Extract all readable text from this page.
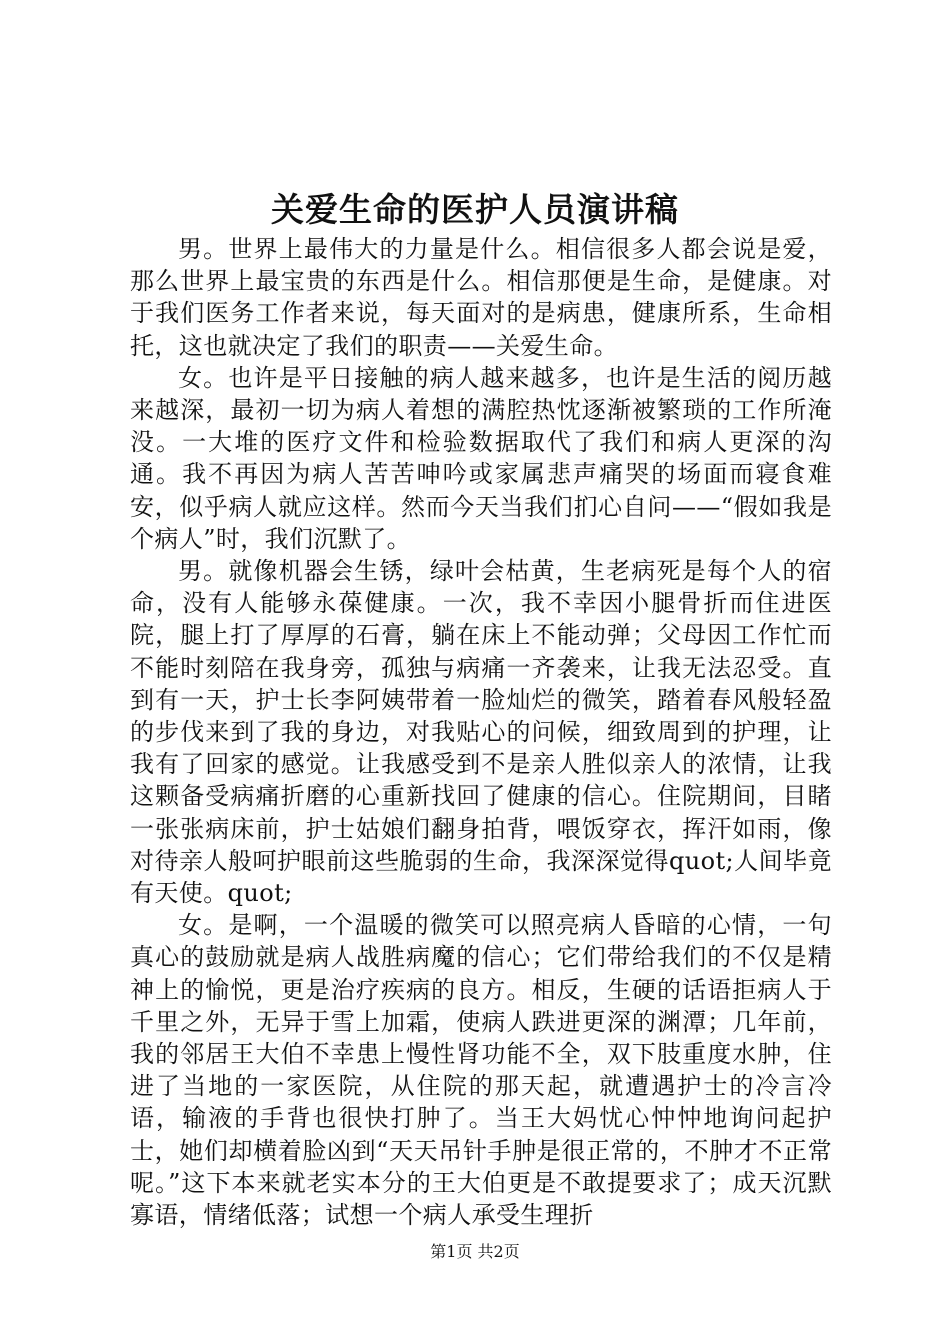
关爱生命的医护人员演讲稿

男。世界上最伟大的力量是什么。相信很多人都会说是爱，那么世界上最宝贵的东西是什么。相信那便是生命，是健康。对于我们医务工作者来说，每天面对的是病患，健康所系，生命相托，这也就决定了我们的职责——关爱生命。

女。也许是平日接触的病人越来越多，也许是生活的阅历越来越深，最初一切为病人着想的满腔热忱逐渐被繁琐的工作所淹没。一大堆的医疗文件和检验数据取代了我们和病人更深的沟通。我不再因为病人苦苦呻吟或家属悲声痛哭的场面而寝食难安，似乎病人就应这样。然而今天当我们扪心自问——“假如我是个病人”时，我们沉默了。

男。就像机器会生锈，绿叶会枯黄，生老病死是每个人的宿命，没有人能够永葆健康。一次，我不幸因小腿骨折而住进医院，腿上打了厚厚的石膏，躺在床上不能动弹；父母因工作忙而不能时刻陪在我身旁，孤独与病痛一齐袭来，让我无法忍受。直到有一天，护士长李阿姨带着一脸灿烂的微笑，踏着春风般轻盈的步伐来到了我的身边，对我贴心的问候，细致周到的护理，让我有了回家的感觉。让我感受到不是亲人胜似亲人的浓情，让我这颗备受病痛折磨的心重新找回了健康的信心。住院期间，目睹一张张病床前，护士姑娘们翻身拍背，喂饭穿衣，挥汗如雨，像对待亲人般呵护眼前这些脆弱的生命，我深深觉得quot;人间毕竟有天使。quot;

女。是啊，一个温暖的微笑可以照亮病人昏暗的心情，一句真心的鼓励就是病人战胜病魔的信心；它们带给我们的不仅是精神上的愉悦，更是治疗疾病的良方。相反，生硬的话语拒病人于千里之外，无异于雪上加霜，使病人跌进更深的渊潭；几年前，我的邻居王大伯不幸患上慢性肾功能不全，双下肢重度水肿，住进了当地的一家医院，从住院的那天起，就遭遇护士的冷言冷语，输液的手背也很快打肿了。当王大妈忧心忡忡地询问起护士，她们却横着脸凶到“天天吊针手肿是很正常的，不肿才不正常呢。”这下本来就老实本分的王大伯更是不敢提要求了；成天沉默寡语，情绪低落；试想一个病人承受生理折

第1页 共2页
